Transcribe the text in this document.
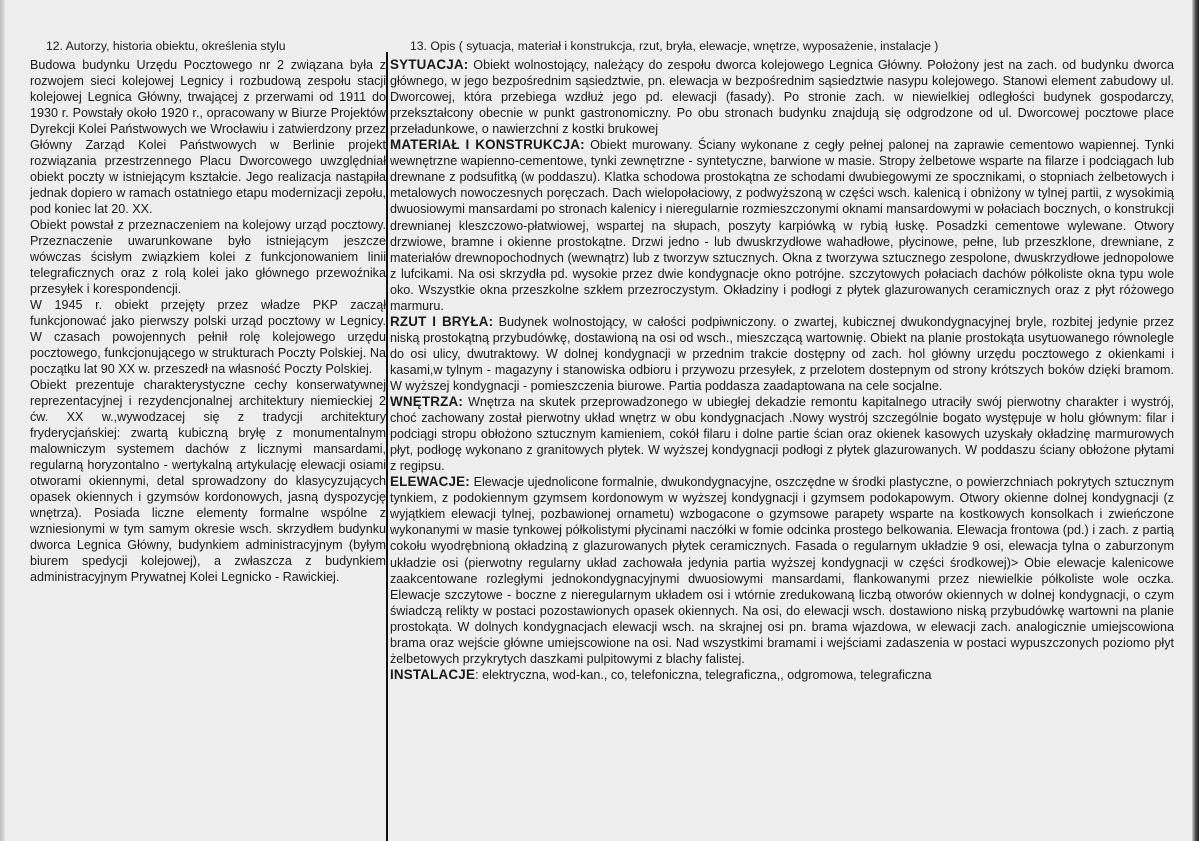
12. Autorzy, historia obiektu, określenia stylu

Budowa budynku Urzędu Pocztowego nr 2 związana była z rozwojem sieci kolejowej Legnicy i rozbudową zespołu stacji kolejowej Legnica Główny, trwającej z przerwami od 1911 do 1930 r. Powstały około 1920 r., opracowany w Biurze Projektów Dyrekcji Kolei Państwowych we Wrocławiu i zatwierdzony przez Główny Zarząd Kolei Państwowych w Berlinie projekt rozwiązania przestrzennego Placu Dworcowego uwzględniał obiekt poczty w istniejącym kształcie. Jego realizacja nastąpiła jednak dopiero w ramach ostatniego etapu modernizacji zepołu, pod koniec lat 20. XX.

Obiekt powstał z przeznaczeniem na kolejowy urząd pocztowy. Przeznaczenie uwarunkowane było istniejącym jeszcze wówczas ścisłym związkiem kolei z funkcjonowaniem linii telegraficznych oraz z rolą kolei jako głównego przewoźnika przesyłek i korespondencji.

W 1945 r. obiekt przejęty przez władze PKP zaczął funkcjonować jako pierwszy polski urząd pocztowy w Legnicy. W czasach powojennych pełnił rolę kolejowego urzędu pocztowego, funkcjonującego w strukturach Poczty Polskiej. Na początku lat 90 XX w. przeszedł na własność Poczty Polskiej.

Obiekt prezentuje charakterystyczne cechy konserwatywnej reprezentacyjnej i rezydencjonalnej architektury niemieckiej 2 ćw. XX w.,wywodzacej się z tradycji architektury fryderycjańskiej: zwartą kubiczną bryłę z monumentalnym malowniczym systemem dachów z licznymi mansardami, regularną horyzontalno - wertykalną artykulację elewacji osiami otworami okiennymi, detal sprowadzony do klasycyzujących opasek okiennych i gzymsów kordonowych, jasną dyspozycję wnętrza). Posiada liczne elementy formalne wspólne z wzniesionymi w tym samym okresie wsch. skrzydłem budynku dworca Legnica Główny, budynkiem administracyjnym (byłym biurem spedycji kolejowej), a zwłaszcza z budynkiem administracyjnym Prywatnej Kolei Legnicko - Rawickiej.

13. Opis ( sytuacja, materiał i konstrukcja, rzut, bryła, elewacje, wnętrze, wyposażenie, instalacje )

SYTUACJA: Obiekt wolnostojący, należący do zespołu dworca kolejowego Legnica Główny. Położony jest na zach. od budynku dworca głównego, w jego bezpośrednim sąsiedztwie, pn. elewacja w bezpośrednim sąsiedztwie nasypu kolejowego. Stanowi element zabudowy ul. Dworcowej, która przebiega wzdłuż jego pd. elewacji (fasady). Po stronie zach. w niewielkiej odległości budynek gospodarczy, przekształcony obecnie w punkt gastronomiczny. Po obu stronach budynku znajdują się odgrodzone od ul. Dworcowej pocztowe place przeładunkowe, o nawierzchni z kostki brukowej

MATERIAŁ I KONSTRUKCJA: Obiekt murowany. Ściany wykonane z cegły pełnej palonej na zaprawie cementowo wapiennej. Tynki wewnętrzne wapienno-cementowe, tynki zewnętrzne - syntetyczne, barwione w masie. Stropy żelbetowe wsparte na filarze i podciągach lub drewnane z podsufitką (w poddaszu). Klatka schodowa prostokątna ze schodami dwubiegowymi ze spocznikami, o stopniach żelbetowych i metalowych nowoczesnych poręczach. Dach wielopołaciowy, z podwyższoną w części wsch. kalenicą i obniżony w tylnej partii, z wysokimią dwuosiowymi mansardami po stronach kalenicy i nieregularnie rozmieszczonymi oknami mansardowymi w połaciach bocznych, o konstrukcji drewnianej kleszczowo-płatwiowej, wspartej na słupach, poszyty karpiówką w rybią łuskę. Posadzki cementowe wylewane. Otwory drzwiowe, bramne i okienne prostokątne. Drzwi jedno - lub dwuskrzydłowe wahadłowe, płycinowe, pełne, lub przeszklone, drewniane, z materiałów drewnopochodnych (wewnątrz) lub z tworzyw sztucznych. Okna z tworzywa sztucznego zespolone, dwuskrzydłowe jednopolowe z lufcikami. Na osi skrzydła pd. wysokie przez dwie kondygnacje okno potrójne. szczytowych połaciach dachów półkoliste okna typu wole oko. Wszystkie okna przeszkolne szkłem przezroczystym. Okładziny i podłogi z płytek glazurowanych ceramicznych oraz z płyt różowego marmuru.

RZUT I BRYŁA: Budynek wolnostojący, w całości podpiwniczony. o zwartej, kubicznej dwukondygnacyjnej bryle, rozbitej jedynie przez niską prostokątną przybudówkę, dostawioną na osi od wsch., mieszczącą wartownię. Obiekt na planie prostokąta usytuowanego równolegle do osi ulicy, dwutraktowy. W dolnej kondygnacji w przednim trakcie dostępny od zach. hol główny urzędu pocztowego z okienkami i kasami,w tylnym - magazyny i stanowiska odbioru i przywozu przesyłek, z przelotem dostepnym od strony krótszych boków dzięki bramom. W wyższej kondygnacji - pomieszczenia biurowe. Partia poddasza zaadaptowana na cele socjalne.

WNĘTRZA: Wnętrza na skutek przeprowadzonego w ubiegłej dekadzie remontu kapitalnego utraciły swój pierwotny charakter i wystrój, choć zachowany został pierwotny układ wnętrz w obu kondygnacjach .Nowy wystrój szczególnie bogato występuje w holu głównym: filar i podciągi stropu obłożono sztucznym kamieniem, cokół filaru i dolne partie ścian oraz okienek kasowych uzyskały okładzinę marmurowych płyt, podłogę wykonano z granitowych płytek. W wyższej kondygnacji podłogi z płytek glazurowanych. W poddaszu ściany obłożone płytami z regipsu.

ELEWACJE: Elewacje ujednolicone formalnie, dwukondygnacyjne, oszczędne w środki plastyczne, o powierzchniach pokrytych sztucznym tynkiem, z podokiennym gzymsem kordonowym w wyższej kondygnacji i gzymsem podokapowym. Otwory okienne dolnej kondygnacji (z wyjątkiem elewacji tylnej, pozbawionej ornametu) wzbogacone o gzymsowe parapety wsparte na kostkowych konsolkach i zwieńczone wykonanymi w masie tynkowej półkolistymi płycinami naczółki w fomie odcinka prostego belkowania. Elewacja frontowa (pd.) i zach. z partią cokołu wyodrębnioną okładziną z glazurowanych płytek ceramicznych. Fasada o regularnym układzie 9 osi, elewacja tylna o zaburzonym układzie osi (pierwotny regularny układ zachowała jedynia partia wyższej kondygnacji w części środkowej)> Obie elewacje kalenicowe zaakcentowane rozległymi jednokondygnacyjnymi dwuosiowymi mansardami, flankowanymi przez niewielkie półkoliste wole oczka. Elewacje szczytowe - boczne z nieregularnym układem osi i wtórnie zredukowaną liczbą otworów okiennych w dolnej kondygnacji, o czym świadczą relikty w postaci pozostawionych opasek okiennych. Na osi, do elewacji wsch. dostawiono niską przybudówkę wartowni na planie prostokąta. W dolnych kondygnacjach elewacji wsch. na skrajnej osi pn. brama wjazdowa, w elewacji zach. analogicznie umiejscowiona brama oraz wejście główne umiejscowione na osi. Nad wszystkimi bramami i wejściami zadaszenia w postaci wypuszczonych poziomo płyt żelbetowych przykrytych daszkami pulpitowymi z blachy falistej.

INSTALACJE: elektryczna, wod-kan., co, telefoniczna, telegraficzna,, odgromowa, telegraficzna
